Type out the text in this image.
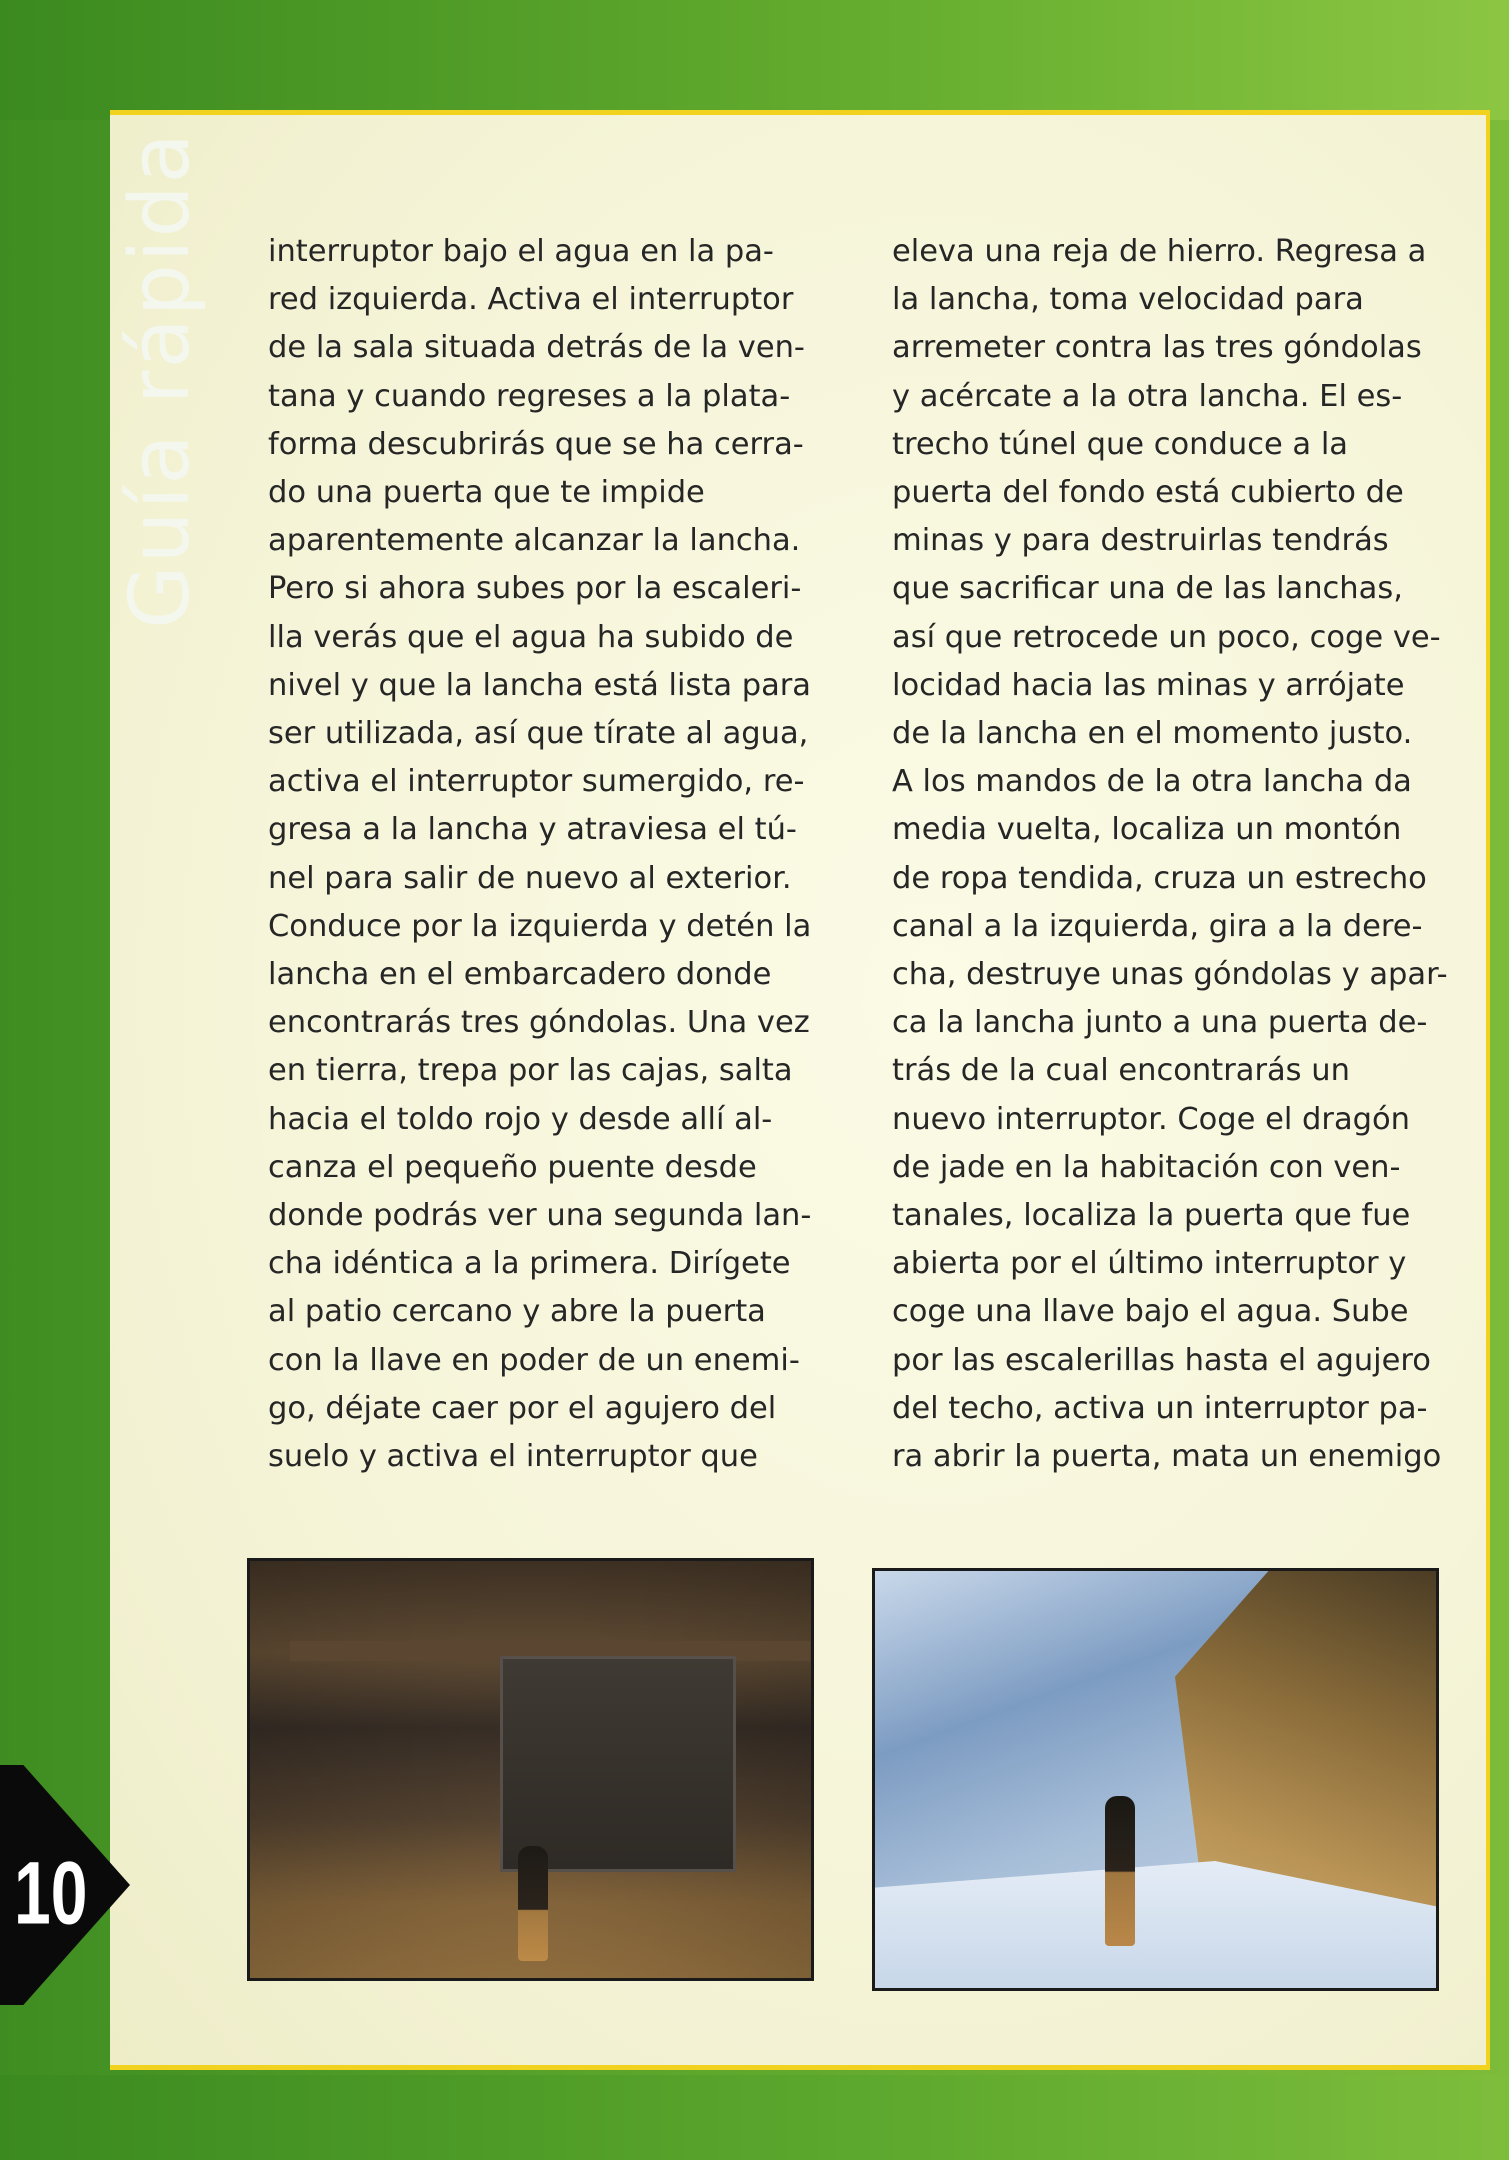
Guía rápida
10

interruptor bajo el agua en la pa-

red izquierda. Activa el interruptor

de la sala situada detrás de la ven-

tana y cuando regreses a la plata-

forma descubrirás que se ha cerra-

do una puerta que te impide

aparentemente alcanzar la lancha.

Pero si ahora subes por la escaleri-

lla verás que el agua ha subido de

nivel y que la lancha está lista para

ser utilizada, así que tírate al agua,

activa el interruptor sumergido, re-

gresa a la lancha y atraviesa el tú-

nel para salir de nuevo al exterior.

Conduce por la izquierda y detén la

lancha en el embarcadero donde

encontrarás tres góndolas. Una vez

en tierra, trepa por las cajas, salta

hacia el toldo rojo y desde allí al-

canza el pequeño puente desde

donde podrás ver una segunda lan-

cha idéntica a la primera. Dirígete

al patio cercano y abre la puerta

con la llave en poder de un enemi-

go, déjate caer por el agujero del

suelo y activa el interruptor que

eleva una reja de hierro. Regresa a

la lancha, toma velocidad para

arremeter contra las tres góndolas

y acércate a la otra lancha. El es-

trecho túnel que conduce a la

puerta del fondo está cubierto de

minas y para destruirlas tendrás

que sacrificar una de las lanchas,

así que retrocede un poco, coge ve-

locidad hacia las minas y arrójate

de la lancha en el momento justo.

A los mandos de la otra lancha da

media vuelta, localiza un montón

de ropa tendida, cruza un estrecho

canal a la izquierda, gira a la dere-

cha, destruye unas góndolas y apar-

ca la lancha junto a una puerta de-

trás de la cual encontrarás un

nuevo interruptor. Coge el dragón

de jade en la habitación con ven-

tanales, localiza la puerta que fue

abierta por el último interruptor y

coge una llave bajo el agua. Sube

por las escalerillas hasta el agujero

del techo, activa un interruptor pa-

ra abrir la puerta, mata un enemigo
